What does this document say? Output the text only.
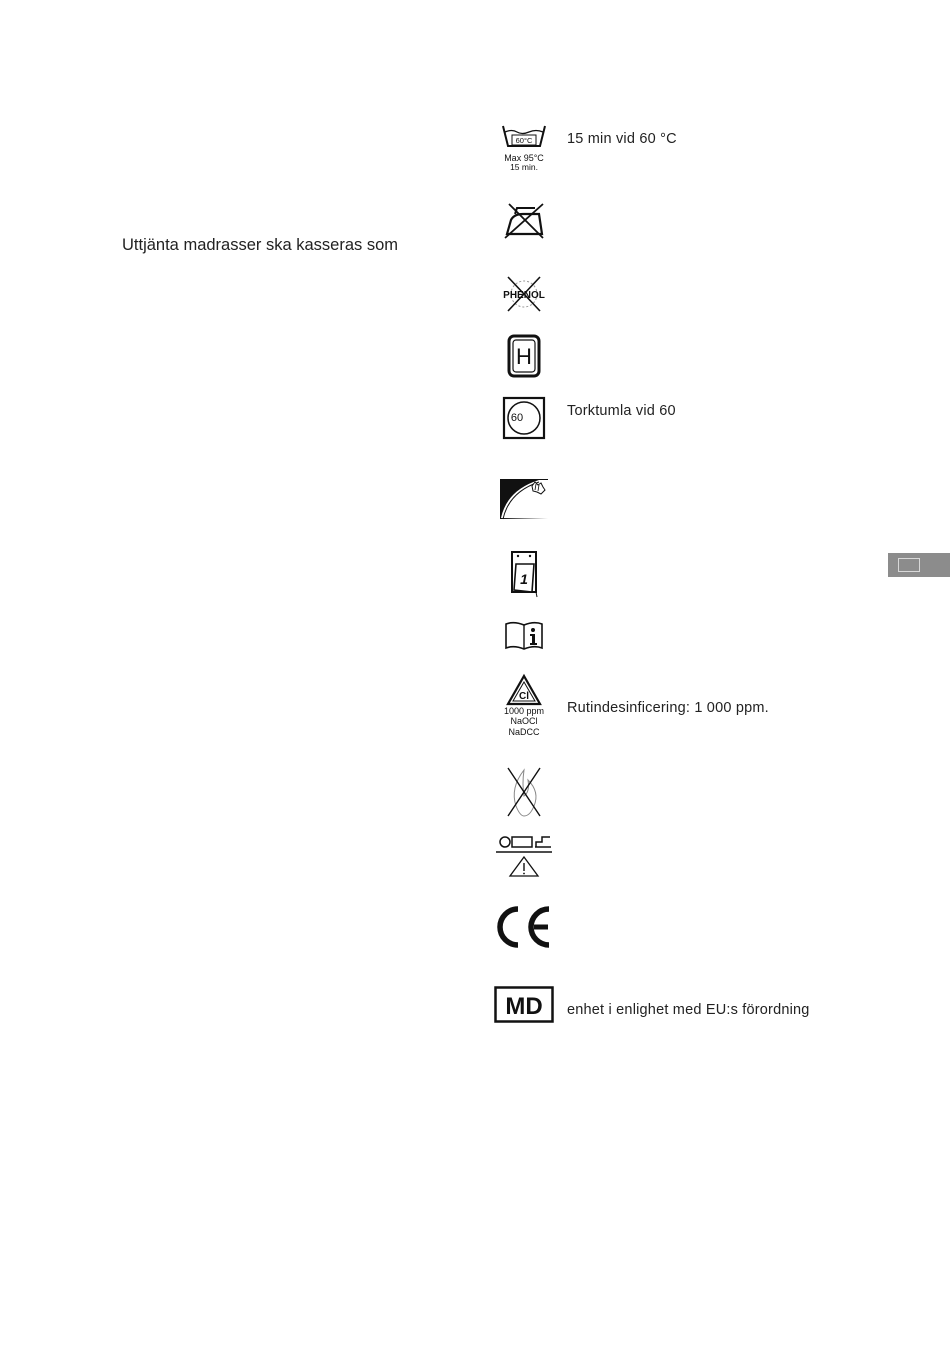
Uttjänta madrasser ska kasseras som
60°C
Max 95°C
15 min.
15 min vid 60 °C
PHENOL
H
60	Torktumla vid 60
1
Cl
1000 ppm
NaOCl
NaDCC
Rutindesinficering: 1 000 ppm.
MD enhet i enlighet med EU:s förordning
